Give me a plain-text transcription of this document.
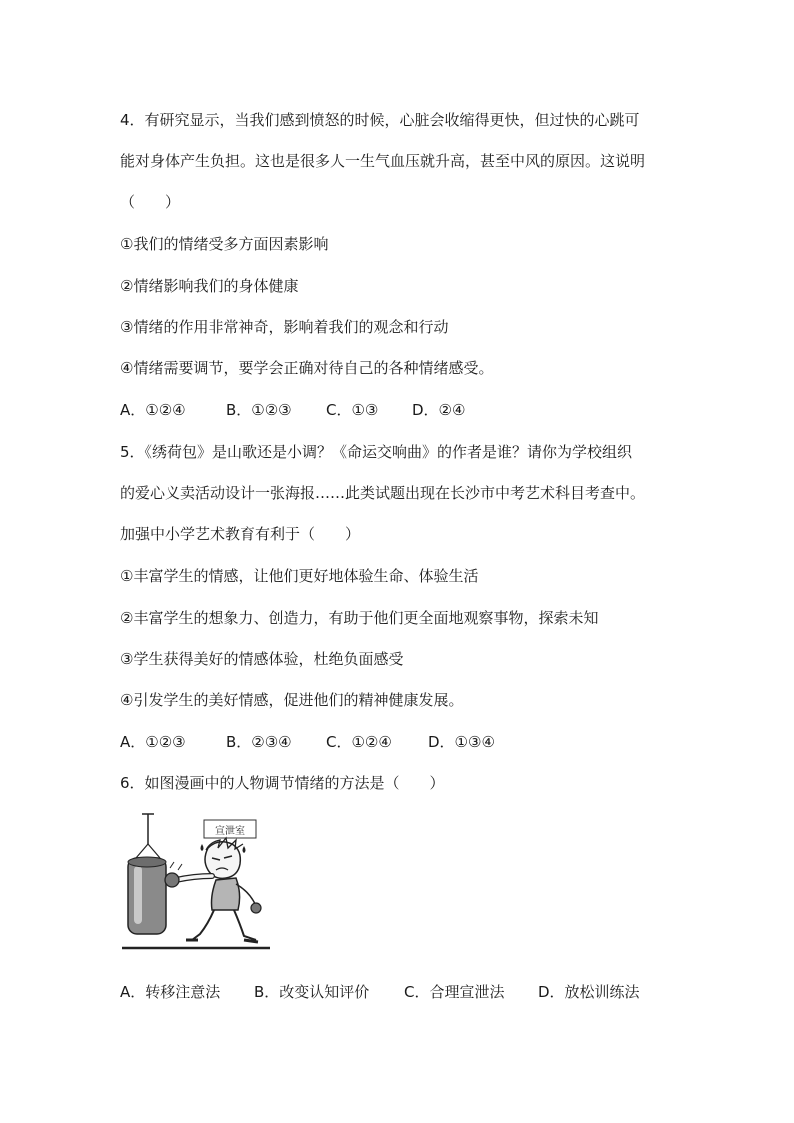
4．有研究显示，当我们感到愤怒的时候，心脏会收缩得更快，但过快的心跳可
能对身体产生负担。这也是很多人一生气血压就升高，甚至中风的原因。这说明
（　　）
①我们的情绪受多方面因素影响
②情绪影响我们的身体健康
③情绪的作用非常神奇，影响着我们的观念和行动
④情绪需要调节，要学会正确对待自己的各种情绪感受。
A．①②④	B．①②③ C．①③ D．②④
5．《绣荷包》是山歌还是小调？《命运交响曲》的作者是谁？请你为学校组织
的爱心义卖活动设计一张海报……此类试题出现在长沙市中考艺术科目考查中。
加强中小学艺术教育有利于（　　）
①丰富学生的情感，让他们更好地体验生命、体验生活
②丰富学生的想象力、创造力，有助于他们更全面地观察事物，探索未知
③学生获得美好的情感体验，杜绝负面感受
④引发学生的美好情感，促进他们的精神健康发展。
A．①②③	B．②③④ C．①②④ D．①③④
6．如图漫画中的人物调节情绪的方法是（　　）
宣泄室
A．转移注意法 B．改变认知评价 C．合理宣泄法 D．放松训练法
